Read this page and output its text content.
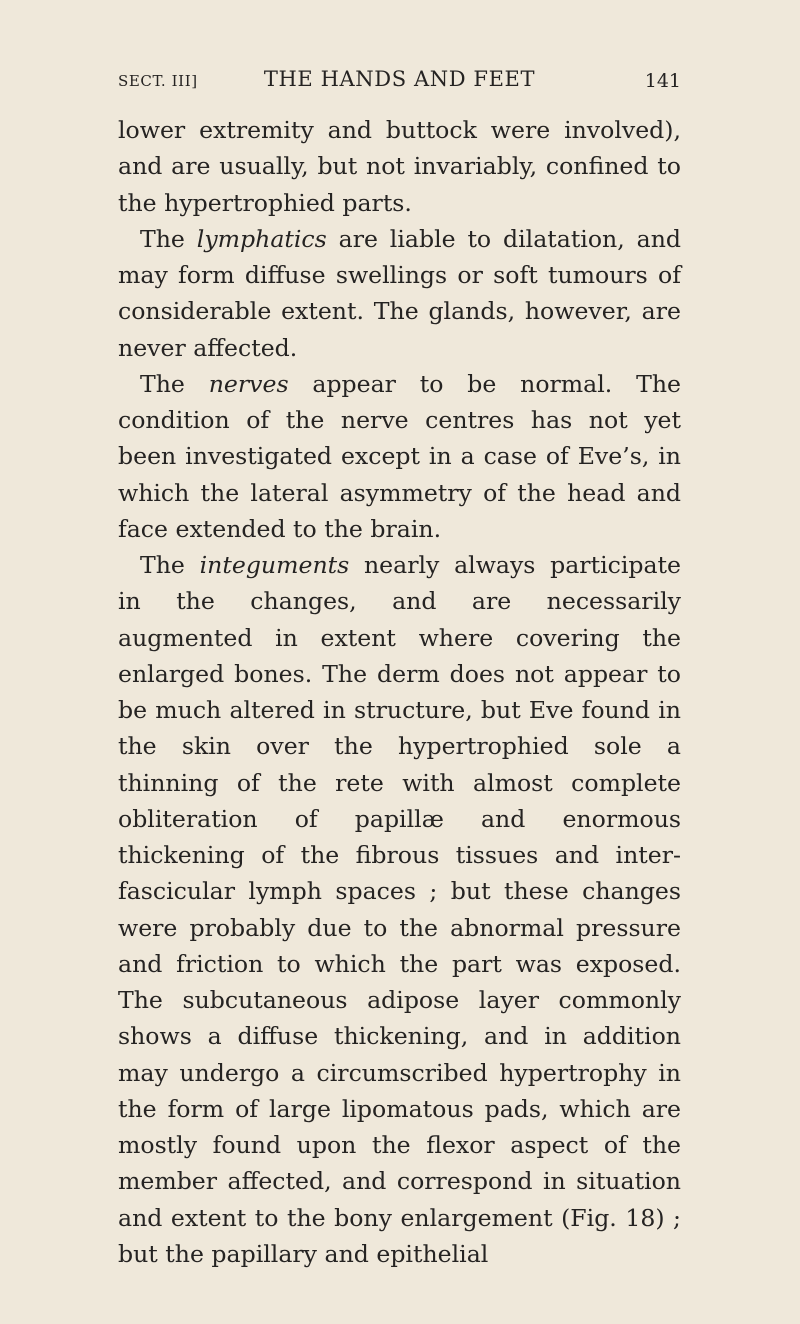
SECT. III]	THE HANDS AND FEET	141

lower extremity and buttock were involved), and are usually, but not invariably, confined to the hypertrophied parts.

The lymphatics are liable to dilatation, and may form diffuse swellings or soft tumours of considerable extent. The glands, however, are never affected.

The nerves appear to be normal. The condition of the nerve centres has not yet been investigated except in a case of Eve’s, in which the lateral asymmetry of the head and face extended to the brain.

The integuments nearly always participate in the changes, and are necessarily augmented in extent where covering the enlarged bones. The derm does not appear to be much altered in structure, but Eve found in the skin over the hypertrophied sole a thinning of the rete with almost complete obliteration of papillæ and enormous thickening of the fibrous tissues and inter-fascicular lymph spaces ; but these changes were probably due to the abnormal pressure and friction to which the part was exposed. The subcutaneous adipose layer commonly shows a diffuse thickening, and in addition may undergo a circumscribed hypertrophy in the form of large lipomatous pads, which are mostly found upon the flexor aspect of the member affected, and correspond in situation and extent to the bony enlargement (Fig. 18) ; but the papillary and epithelial
